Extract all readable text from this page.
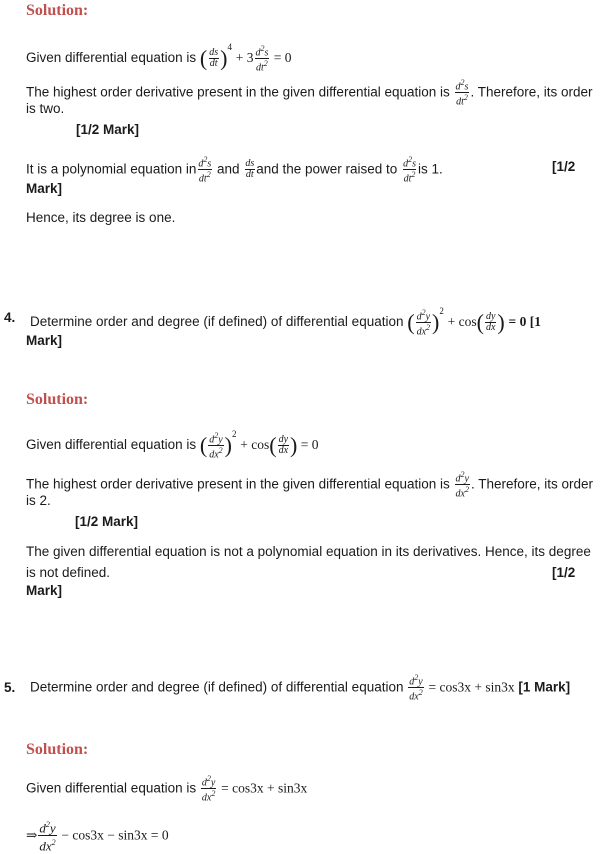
Solution:
Given differential equation is ( $\frac{ds}{dt} )^4 + 3 \frac{d^2s}{dt^2} = 0$
The highest order derivative present in the given differential equation is $\frac{d^2s}{dt^2}$ . Therefore, its order
is two.
[1/2 Mark]
It is a polynomial equation in $\frac{d^2s}{dt^2}$ and $\frac{ds}{dt}$ and the power raised to $\frac{d^2s}{dt^2}$ is 1.	[1/2
Mark]
Hence, its degree is one.
4. Determine order and degree (if defined) of differential equation ( $\frac{d^2y}{dx^2} )^2 + \cos( \frac{dy}{dx}$ ) = 0 [1
Mark]
Solution:
Given differential equation is ( $\frac{d^2y}{dx^2} )^2 + \cos( \frac{dy}{dx}$ ) = 0
The highest order derivative present in the given differential equation is $\frac{d^2y}{dx^2}$ . Therefore, its order
is 2.
[1/2 Mark]
The given differential equation is not a polynomial equation in its derivatives. Hence, its degree
is not defined.	[1/2
Mark]
5. Determine order and degree (if defined) of differential equation $\frac{d^2y}{dx^2} = \cos 3x + \sin 3x$ [1 Mark]
Solution:
Given differential equation is $\frac{d^2y}{dx^2} = \cos 3x + \sin 3x$
⇒ $\frac{d^2y}{dx^2} - \cos 3x - \sin 3x = 0$
